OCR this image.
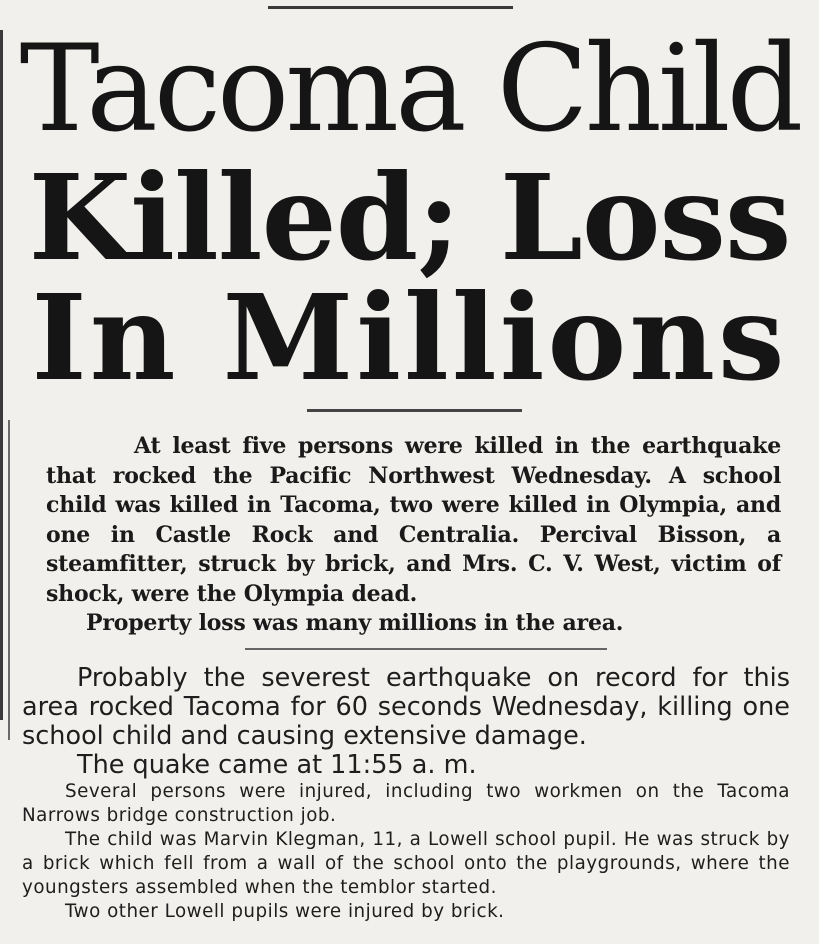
Tacoma Child
Killed; Loss
In Millions

At least five persons were killed in the earthquake that rocked the Pacific Northwest Wednesday. A school child was killed in Tacoma, two were killed in Olympia, and one in Castle Rock and Centralia. Percival Bisson, a steamfitter, struck by brick, and Mrs. C. V. West, victim of shock, were the Olympia dead.

Property loss was many millions in the area.

Probably the severest earthquake on record for this area rocked Tacoma for 60 seconds Wednesday, killing one school child and causing extensive damage.

The quake came at 11:55 a. m.

Several persons were injured, including two workmen on the Tacoma Narrows bridge construction job.

The child was Marvin Klegman, 11, a Lowell school pupil. He was struck by a brick which fell from a wall of the school onto the playgrounds, where the youngsters assembled when the temblor started.

Two other Lowell pupils were injured by brick.
